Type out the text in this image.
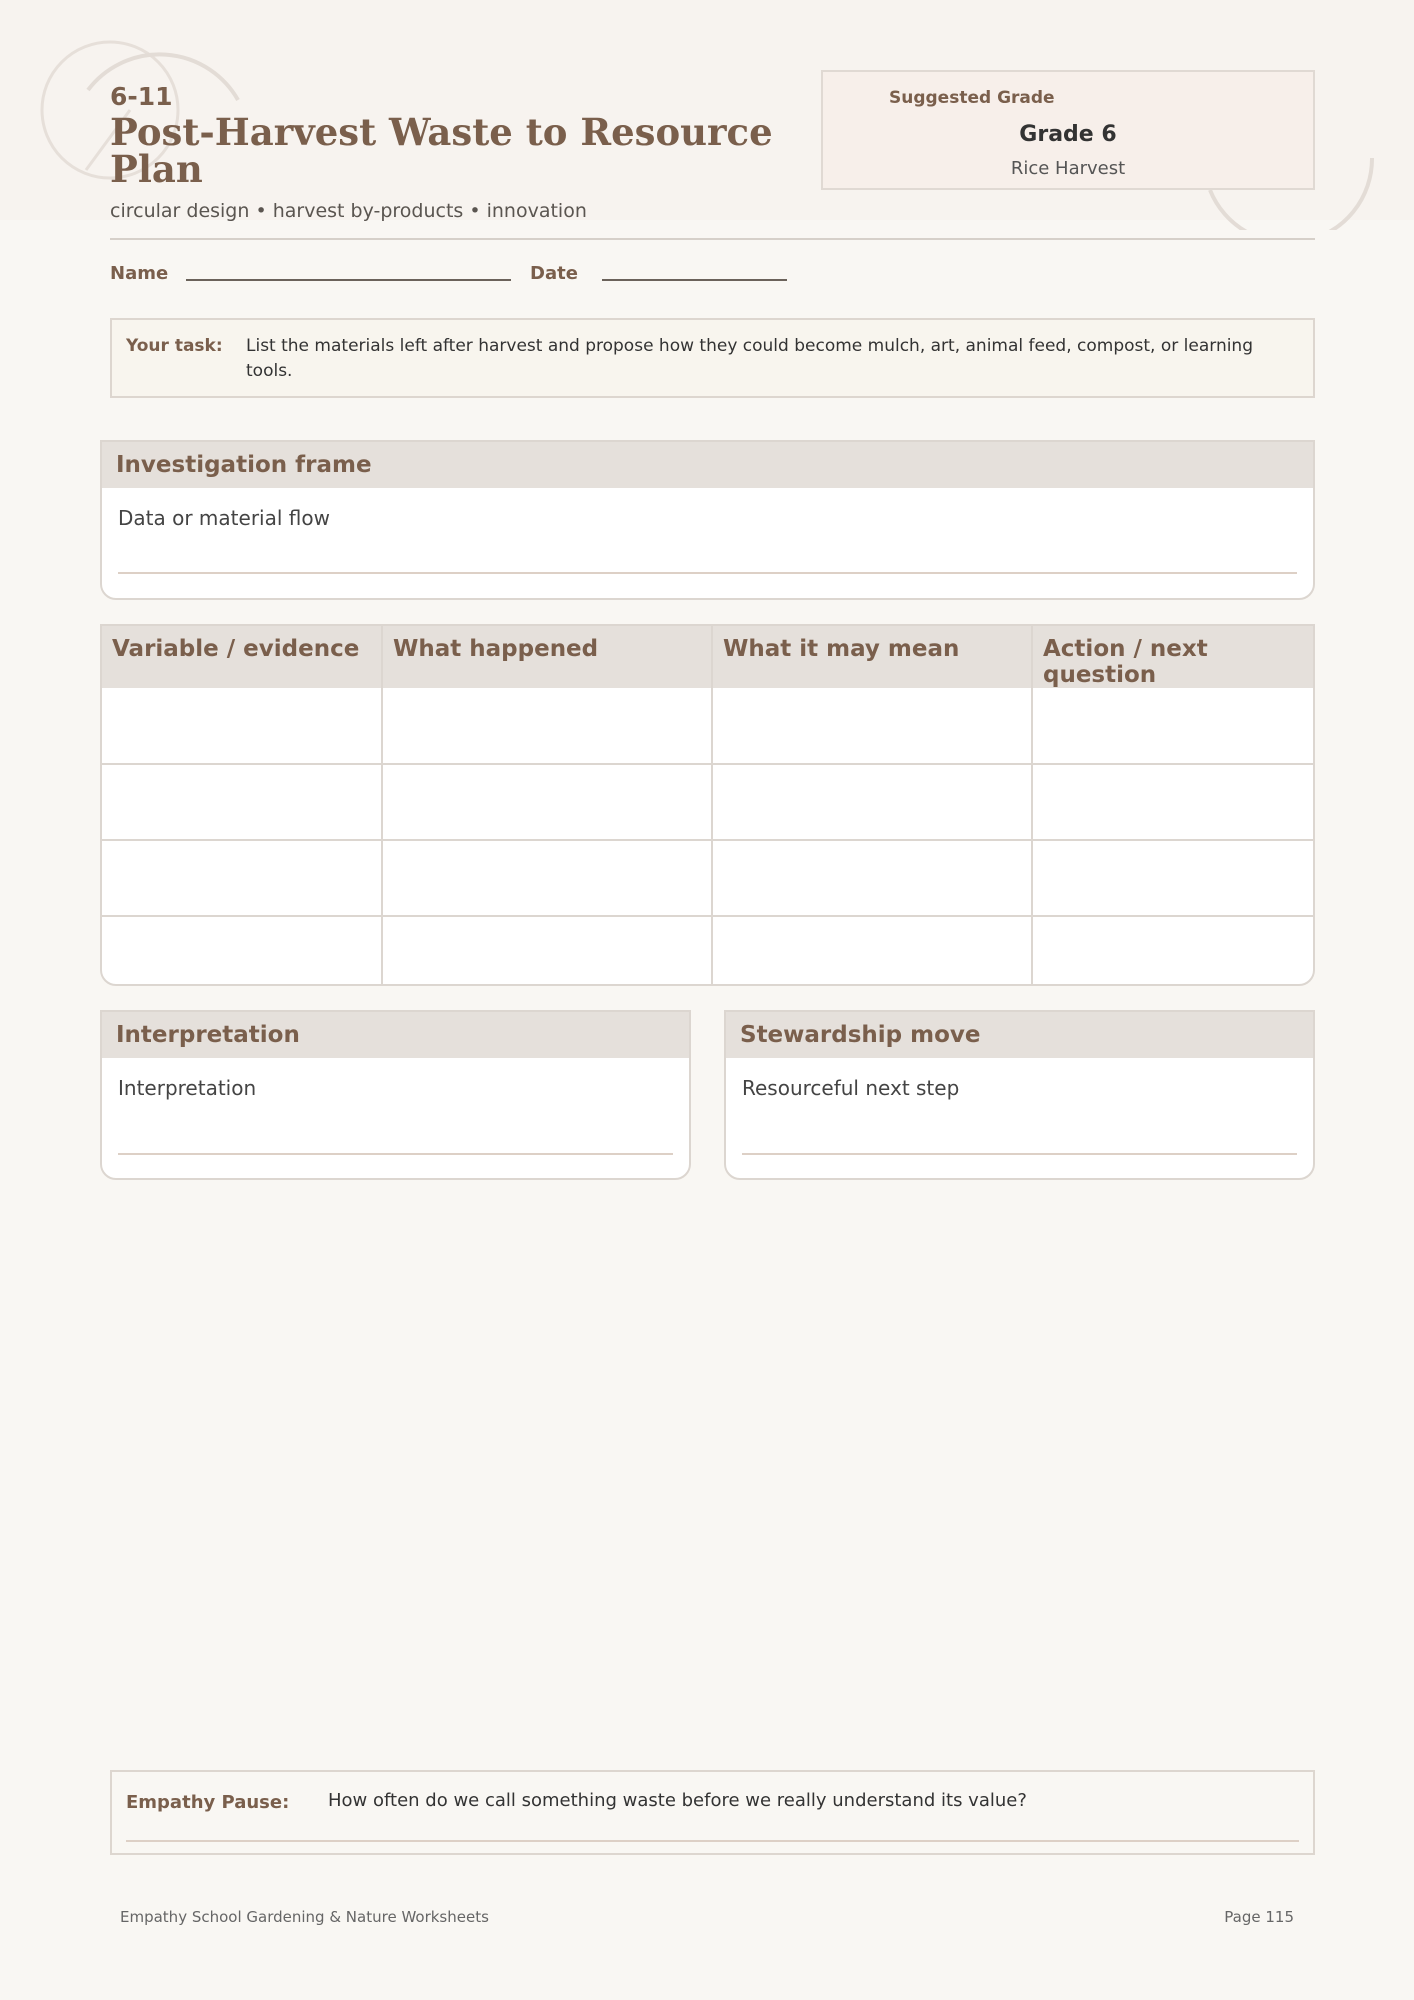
6-11
Post-Harvest Waste to Resource Plan
circular design • harvest by-products • innovation
Suggested Grade
Grade 6
Rice Harvest
Name	Date
Your task: List the materials left after harvest and propose how they could become mulch, art, animal feed, compost, or learning tools.
Investigation frame
Data or material flow
Variable / evidence	What happened	What it may mean	Action / next question

Interpretation
Interpretation
Stewardship move
Resourceful next step
Empathy Pause: How often do we call something waste before we really understand its value?
Empathy School Gardening & Nature Worksheets	Page 115
